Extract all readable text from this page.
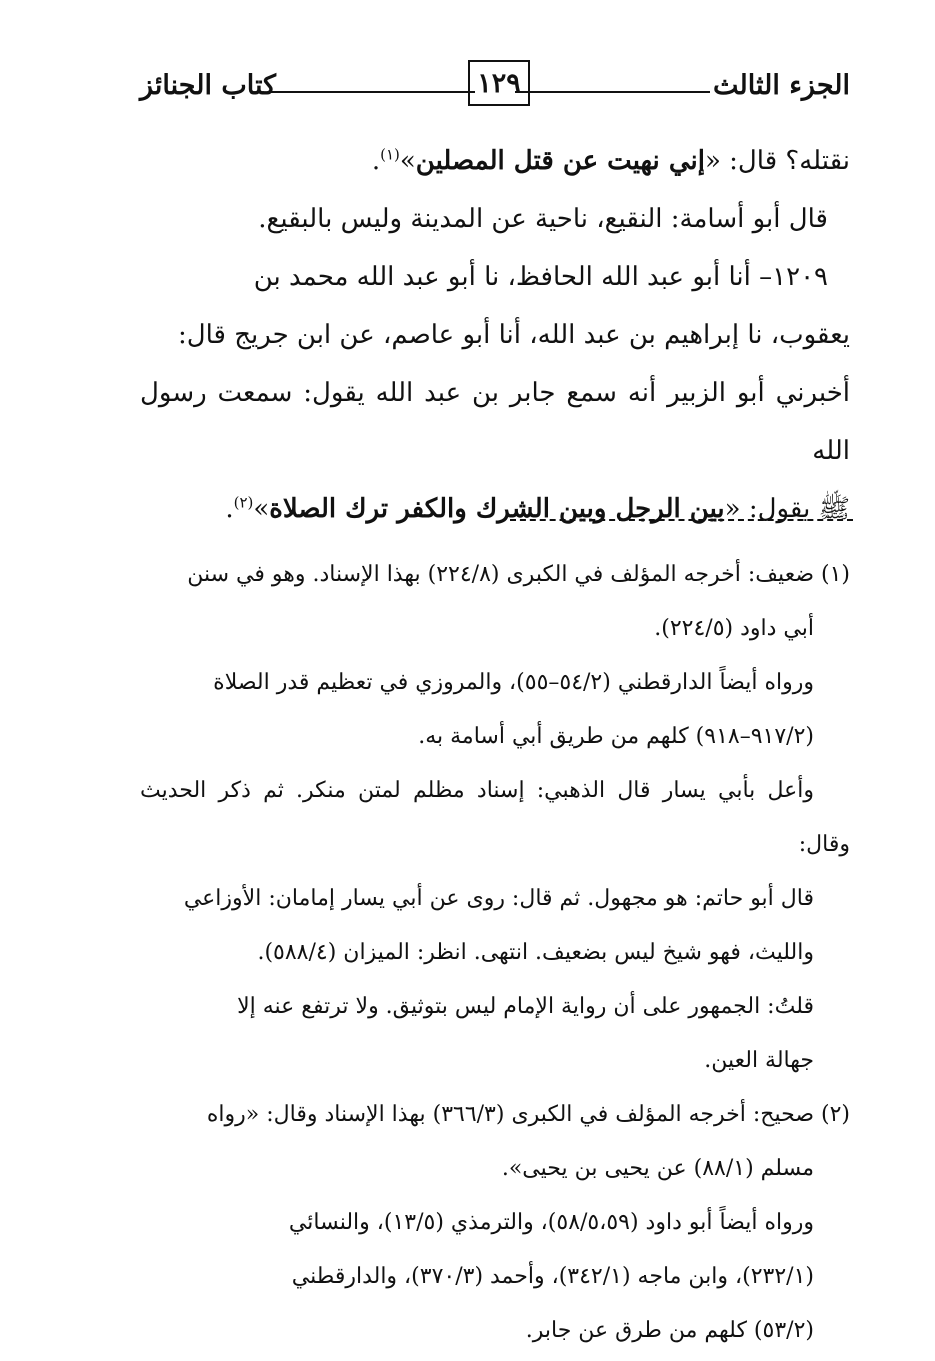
الجزء الثالث
١٢٩
كتاب الجنائز

نقتله؟ قال: «إني نهيت عن قتل المصلين»$^{(١)}$.

قال أبو أسامة: النقيع، ناحية عن المدينة وليس بالبقيع.

١٢٠٩– أنا أبو عبد الله الحافظ، نا أبو عبد الله محمد بن

يعقوب، نا إبراهيم بن عبد الله، أنا أبو عاصم، عن ابن جريج قال:

أخبرني أبو الزبير أنه سمع جابر بن عبد الله يقول: سمعت رسول الله

ﷺ يقول: «بين الرجل وبين الشرك والكفر ترك الصلاة»$^{(٢)}$.

(١)ضعيف: أخرجه المؤلف في الكبرى (٢٢٤/٨) بهذا الإسناد. وهو في سنن

أبي داود (٢٢٤/٥).

ورواه أيضاً الدارقطني (٥٤/٢–٥٥)، والمروزي في تعظيم قدر الصلاة

(٩١٧/٢–٩١٨) كلهم من طريق أبي أسامة به.

وأعل بأبي يسار قال الذهبي: إسناد مظلم لمتن منكر. ثم ذكر الحديث وقال:

قال أبو حاتم: هو مجهول. ثم قال: روى عن أبي يسار إمامان: الأوزاعي

والليث، فهو شيخ ليس بضعيف. انتهى. انظر: الميزان (٥٨٨/٤).

قلتُ: الجمهور على أن رواية الإمام ليس بتوثيق. ولا ترتفع عنه إلا

جهالة العين.

(٢)صحيح: أخرجه المؤلف في الكبرى (٣٦٦/٣) بهذا الإسناد وقال: «رواه

مسلم (٨٨/١) عن يحيى بن يحيى».

ورواه أيضاً أبو داود (٥٨/٥،٥٩)، والترمذي (١٣/٥)، والنسائي

(٢٣٢/١)، وابن ماجه (٣٤٢/١)، وأحمد (٣٧٠/٣)، والدارقطني

(٥٣/٢) كلهم من طرق عن جابر.
